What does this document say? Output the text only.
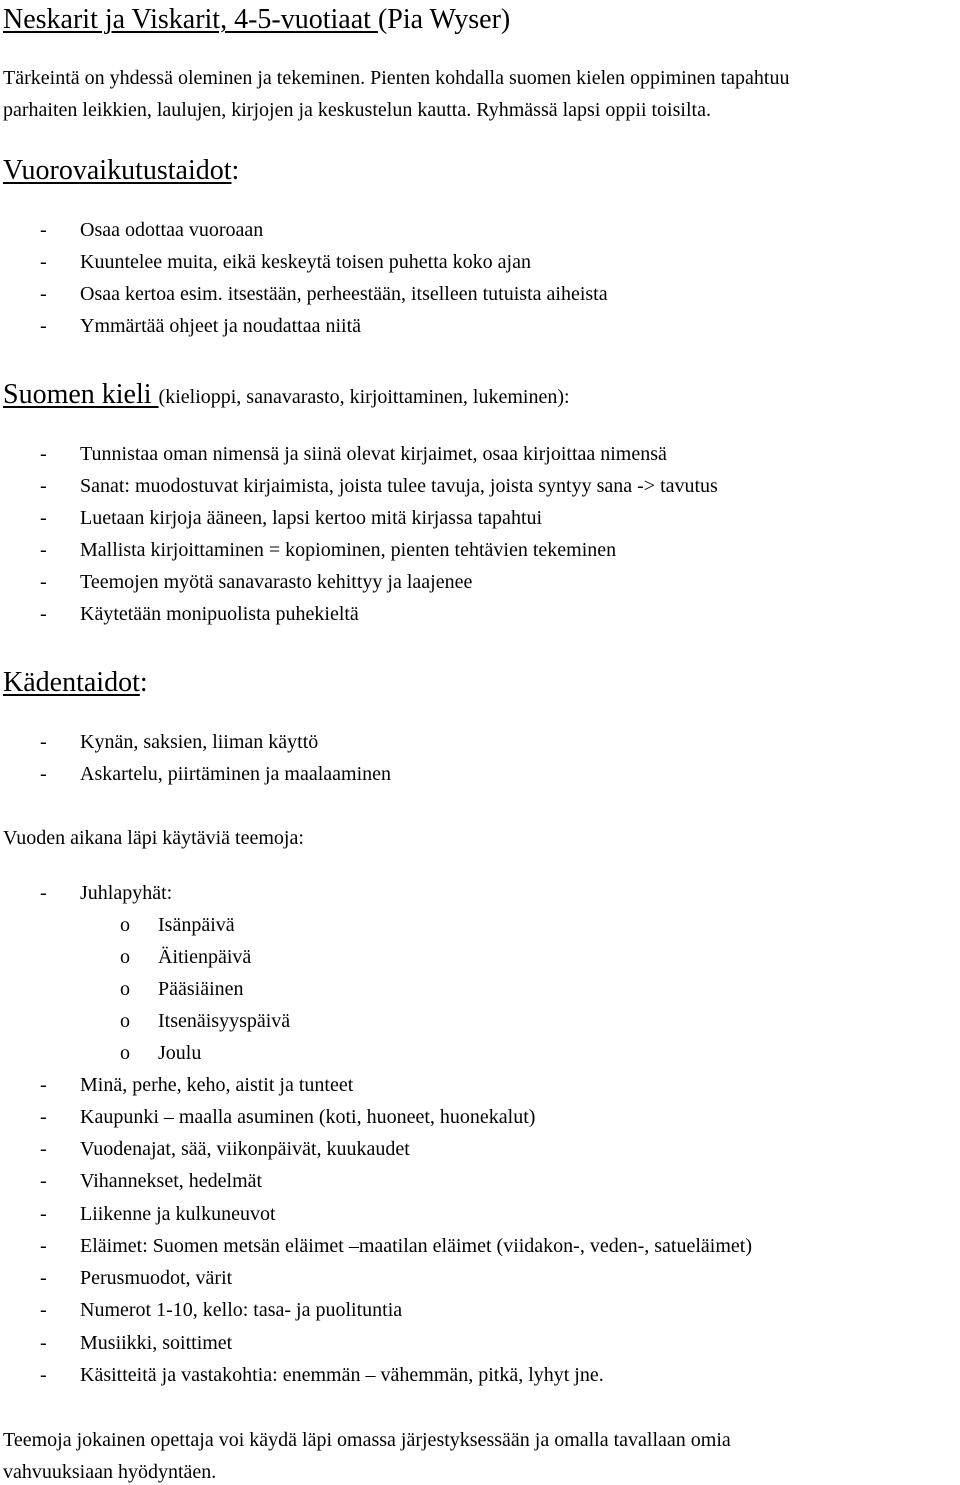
Neskarit ja Viskarit, 4-5-vuotiaat (Pia Wyser)
Tärkeintä on yhdessä oleminen ja tekeminen. Pienten kohdalla suomen kielen oppiminen tapahtuu
parhaiten leikkien, laulujen, kirjojen ja keskustelun kautta. Ryhmässä lapsi oppii toisilta.
Vuorovaikutustaidot:
- Osaa odottaa vuoroaan
- Kuuntelee muita, eikä keskeytä toisen puhetta koko ajan
- Osaa kertoa esim. itsestään, perheestään, itselleen tutuista aiheista
- Ymmärtää ohjeet ja noudattaa niitä
Suomen kieli (kielioppi, sanavarasto, kirjoittaminen, lukeminen):
- Tunnistaa oman nimensä ja siinä olevat kirjaimet, osaa kirjoittaa nimensä
- Sanat: muodostuvat kirjaimista, joista tulee tavuja, joista syntyy sana -> tavutus
- Luetaan kirjoja ääneen, lapsi kertoo mitä kirjassa tapahtui
- Mallista kirjoittaminen = kopiominen, pienten tehtävien tekeminen
- Teemojen myötä sanavarasto kehittyy ja laajenee
- Käytetään monipuolista puhekieltä
Kädentaidot:
- Kynän, saksien, liiman käyttö
- Askartelu, piirtäminen ja maalaaminen
Vuoden aikana läpi käytäviä teemoja:
- Juhlapyhät:
o Isänpäivä
o Äitienpäivä
o Pääsiäinen
o Itsenäisyyspäivä
o Joulu
- Minä, perhe, keho, aistit ja tunteet
- Kaupunki – maalla asuminen (koti, huoneet, huonekalut)
- Vuodenajat, sää, viikonpäivät, kuukaudet
- Vihannekset, hedelmät
- Liikenne ja kulkuneuvot
- Eläimet: Suomen metsän eläimet –maatilan eläimet (viidakon-, veden-, satueläimet)
- Perusmuodot, värit
- Numerot 1-10, kello: tasa- ja puolituntia
- Musiikki, soittimet
- Käsitteitä ja vastakohtia: enemmän – vähemmän, pitkä, lyhyt jne.
Teemoja jokainen opettaja voi käydä läpi omassa järjestyksessään ja omalla tavallaan omia
vahvuuksiaan hyödyntäen.
